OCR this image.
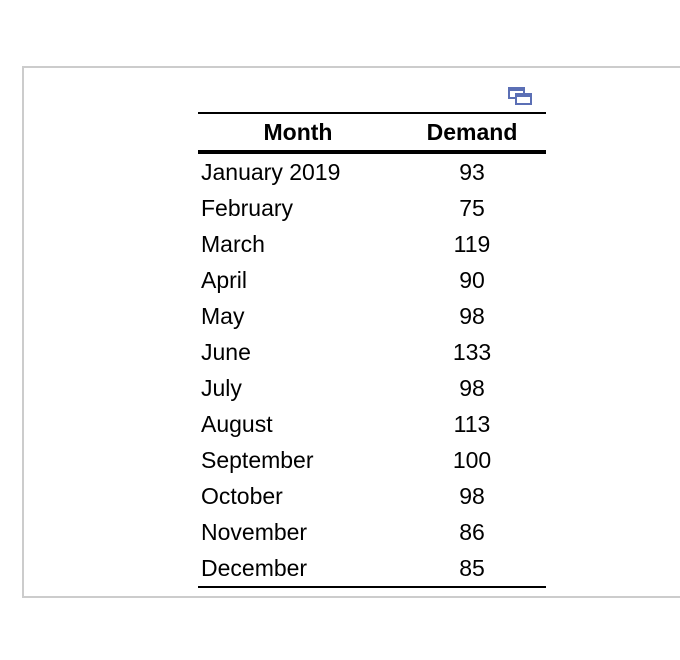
Month	Demand
January 2019	93
February	75
March	119
April	90
May	98
June	133
July	98
August	113
September	100
October	98
November	86
December	85
